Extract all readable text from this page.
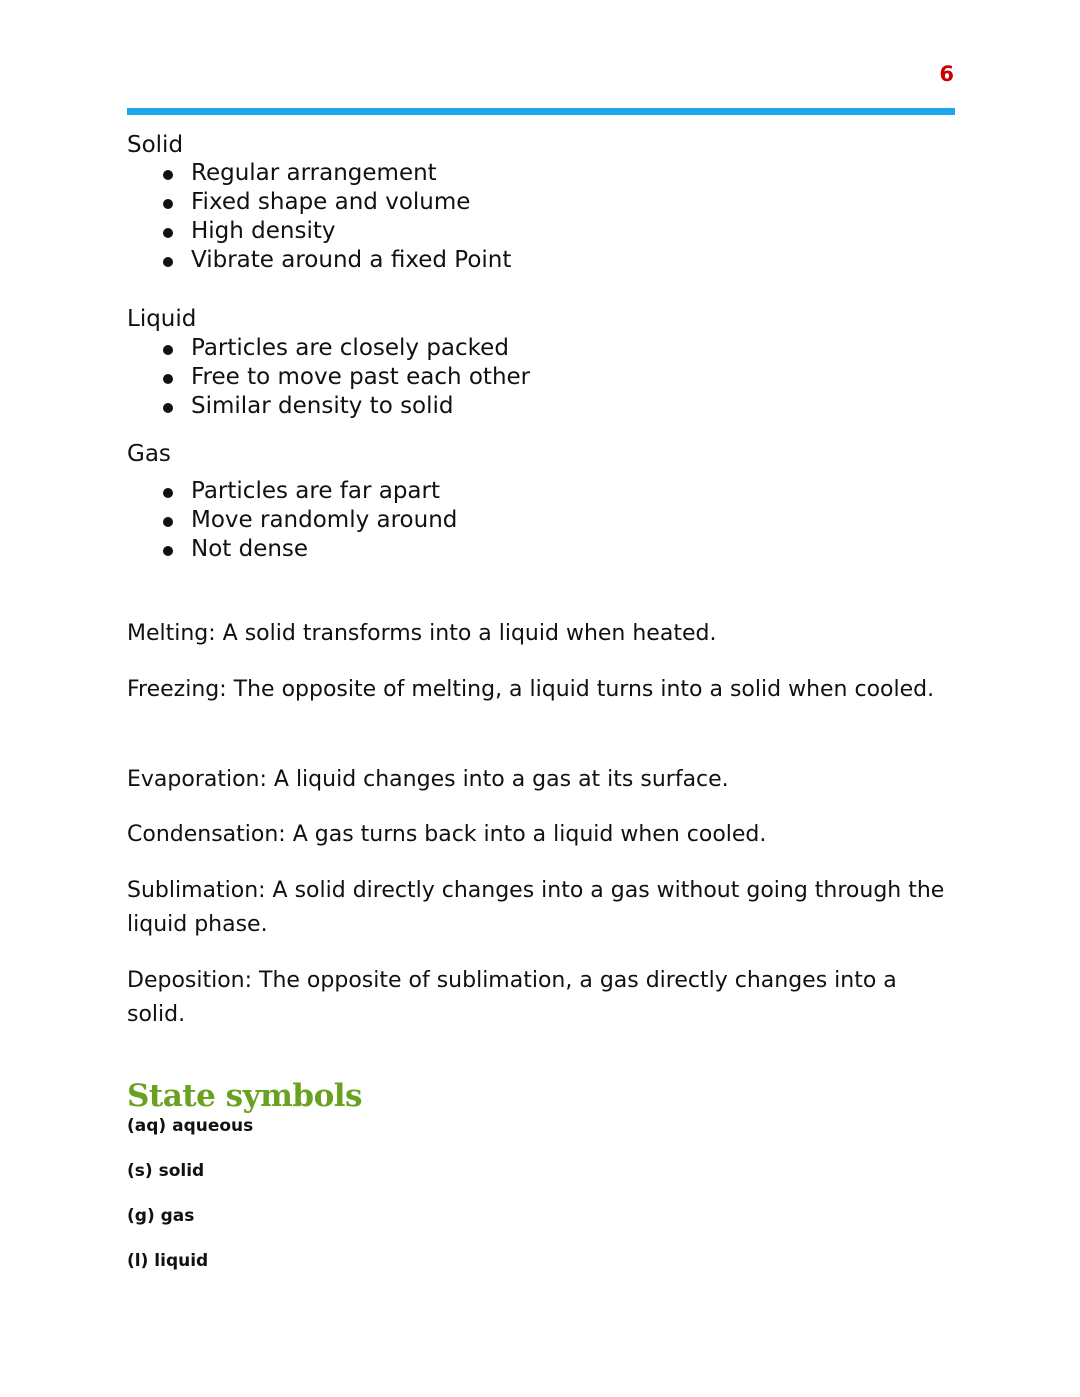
6
Solid
Regular arrangement
Fixed shape and volume
High density
Vibrate around a fixed Point
Liquid
Particles are closely packed
Free to move past each other
Similar density to solid
Gas
Particles are far apart
Move randomly around
Not dense

Melting: A solid transforms into a liquid when heated.

Freezing: The opposite of melting, a liquid turns into a solid when cooled.

Evaporation: A liquid changes into a gas at its surface.

Condensation: A gas turns back into a liquid when cooled.

Sublimation: A solid directly changes into a gas without going through the liquid phase.

Deposition: The opposite of sublimation, a gas directly changes into a solid.

State symbols

(aq) aqueous

(s) solid

(g) gas

(l) liquid
